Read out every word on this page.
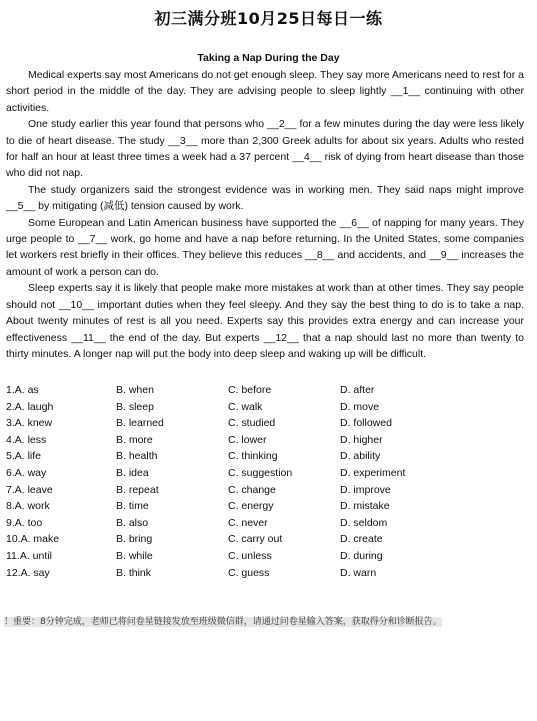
初三满分班10月25日每日一练
Taking a Nap During the Day

Medical experts say most Americans do not get enough sleep. They say more Americans need to rest for a short period in the middle of the day. They are advising people to sleep lightly __1__ continuing with other activities.

One study earlier this year found that persons who __2__ for a few minutes during the day were less likely to die of heart disease. The study __3__ more than 2,300 Greek adults for about six years. Adults who rested for half an hour at least three times a week had a 37 percent __4__ risk of dying from heart disease than those who did not nap.

The study organizers said the strongest evidence was in working men. They said naps might improve __5__ by mitigating (减低) tension caused by work.

Some European and Latin American business have supported the __6__ of napping for many years. They urge people to __7__ work, go home and have a nap before returning. In the United States, some companies let workers rest briefly in their offices. They believe this reduces __8__ and accidents, and __9__ increases the amount of work a person can do.

Sleep experts say it is likely that people make more mistakes at work than at other times. They say people should not __10__ important duties when they feel sleepy. And they say the best thing to do is to take a nap. About twenty minutes of rest is all you need. Experts say this provides extra energy and can increase your effectiveness __11__ the end of the day. But experts __12__ that a nap should last no more than twenty to thirty minutes. A longer nap will put the body into deep sleep and waking up will be difficult.

1.A. as	B. when	C. before	D. after
2.A. laugh	B. sleep	C. walk	D. move
3.A. knew	B. learned	C. studied	D. followed
4.A. less	B. more	C. lower	D. higher
5.A. life	B. health	C. thinking	D. ability
6.A. way	B. idea	C. suggestion	D. experiment
7.A. leave	B. repeat	C. change	D. improve
8.A. work	B. time	C. energy	D. mistake
9.A. too	B. also	C. never	D. seldom
10.A. make	B. bring	C. carry out	D. create
11.A. until	B. while	C. unless	D. during
12.A. say	B. think	C. guess	D. warn
！重要：8分钟完成，老师已将问卷星链接发放至班级微信群，请通过问卷星输入答案，获取得分和诊断报告。
